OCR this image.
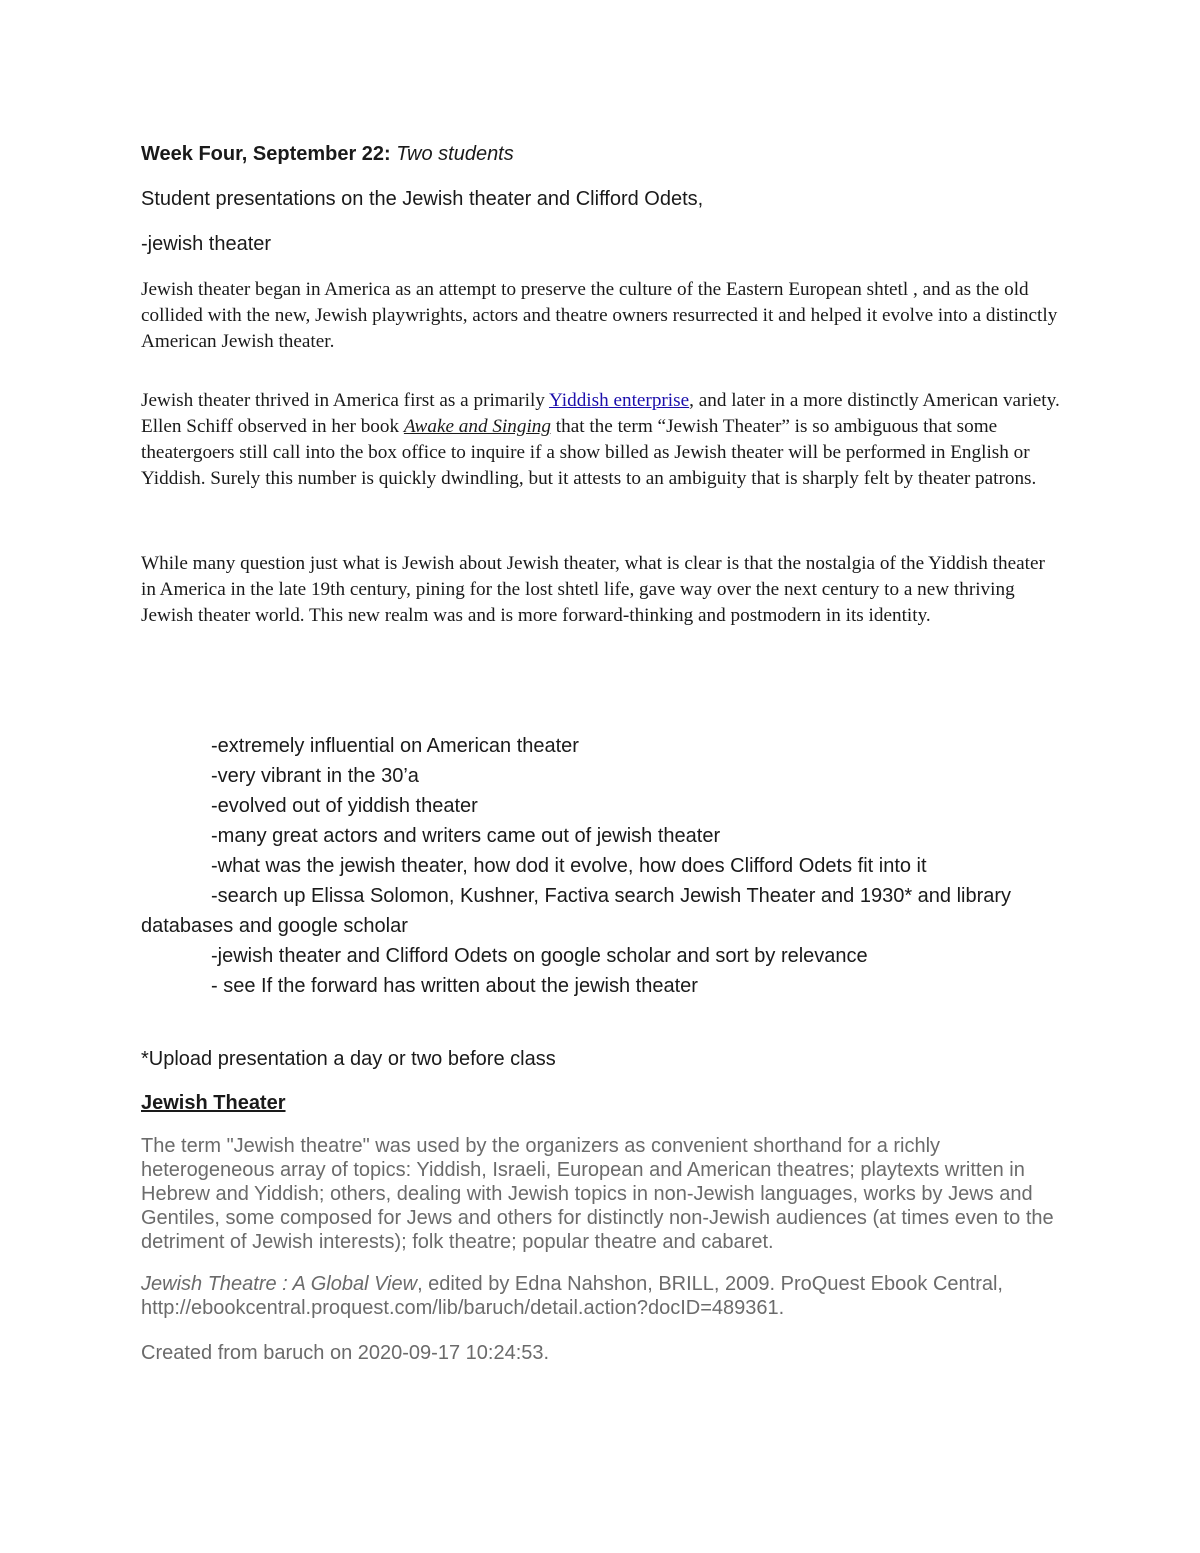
Week Four, September 22: Two students
Student presentations on the Jewish theater and Clifford Odets,
-jewish theater
Jewish theater began in America as an attempt to preserve the culture of the Eastern European shtetl , and as the old collided with the new, Jewish playwrights, actors and theatre owners resurrected it and helped it evolve into a distinctly American Jewish theater.
Jewish theater thrived in America first as a primarily Yiddish enterprise, and later in a more distinctly American variety. Ellen Schiff observed in her book Awake and Singing that the term “Jewish Theater” is so ambiguous that some theatergoers still call into the box office to inquire if a show billed as Jewish theater will be performed in English or Yiddish. Surely this number is quickly dwindling, but it attests to an ambiguity that is sharply felt by theater patrons.
While many question just what is Jewish about Jewish theater, what is clear is that the nostalgia of the Yiddish theater in America in the late 19th century, pining for the lost shtetl life, gave way over the next century to a new thriving Jewish theater world. This new realm was and is more forward-thinking and postmodern in its identity.
-extremely influential on American theater
-very vibrant in the 30’a
-evolved out of yiddish theater
-many great actors and writers came out of jewish theater
-what was the jewish theater, how dod it evolve, how does Clifford Odets fit into it
-search up Elissa Solomon, Kushner, Factiva search Jewish Theater and 1930* and library databases and google scholar
-jewish theater and Clifford Odets on google scholar and sort by relevance
- see If the forward has written about the jewish theater
*Upload presentation a day or two before class
Jewish Theater
The term "Jewish theatre" was used by the organizers as convenient shorthand for a richly heterogeneous array of topics: Yiddish, Israeli, European and American theatres; playtexts written in Hebrew and Yiddish; others, dealing with Jewish topics in non-Jewish languages, works by Jews and Gentiles, some composed for Jews and others for distinctly non-Jewish audiences (at times even to the detriment of Jewish interests); folk theatre; popular theatre and cabaret.
Jewish Theatre : A Global View, edited by Edna Nahshon, BRILL, 2009. ProQuest Ebook Central, http://ebookcentral.proquest.com/lib/baruch/detail.action?docID=489361.
Created from baruch on 2020-09-17 10:24:53.
